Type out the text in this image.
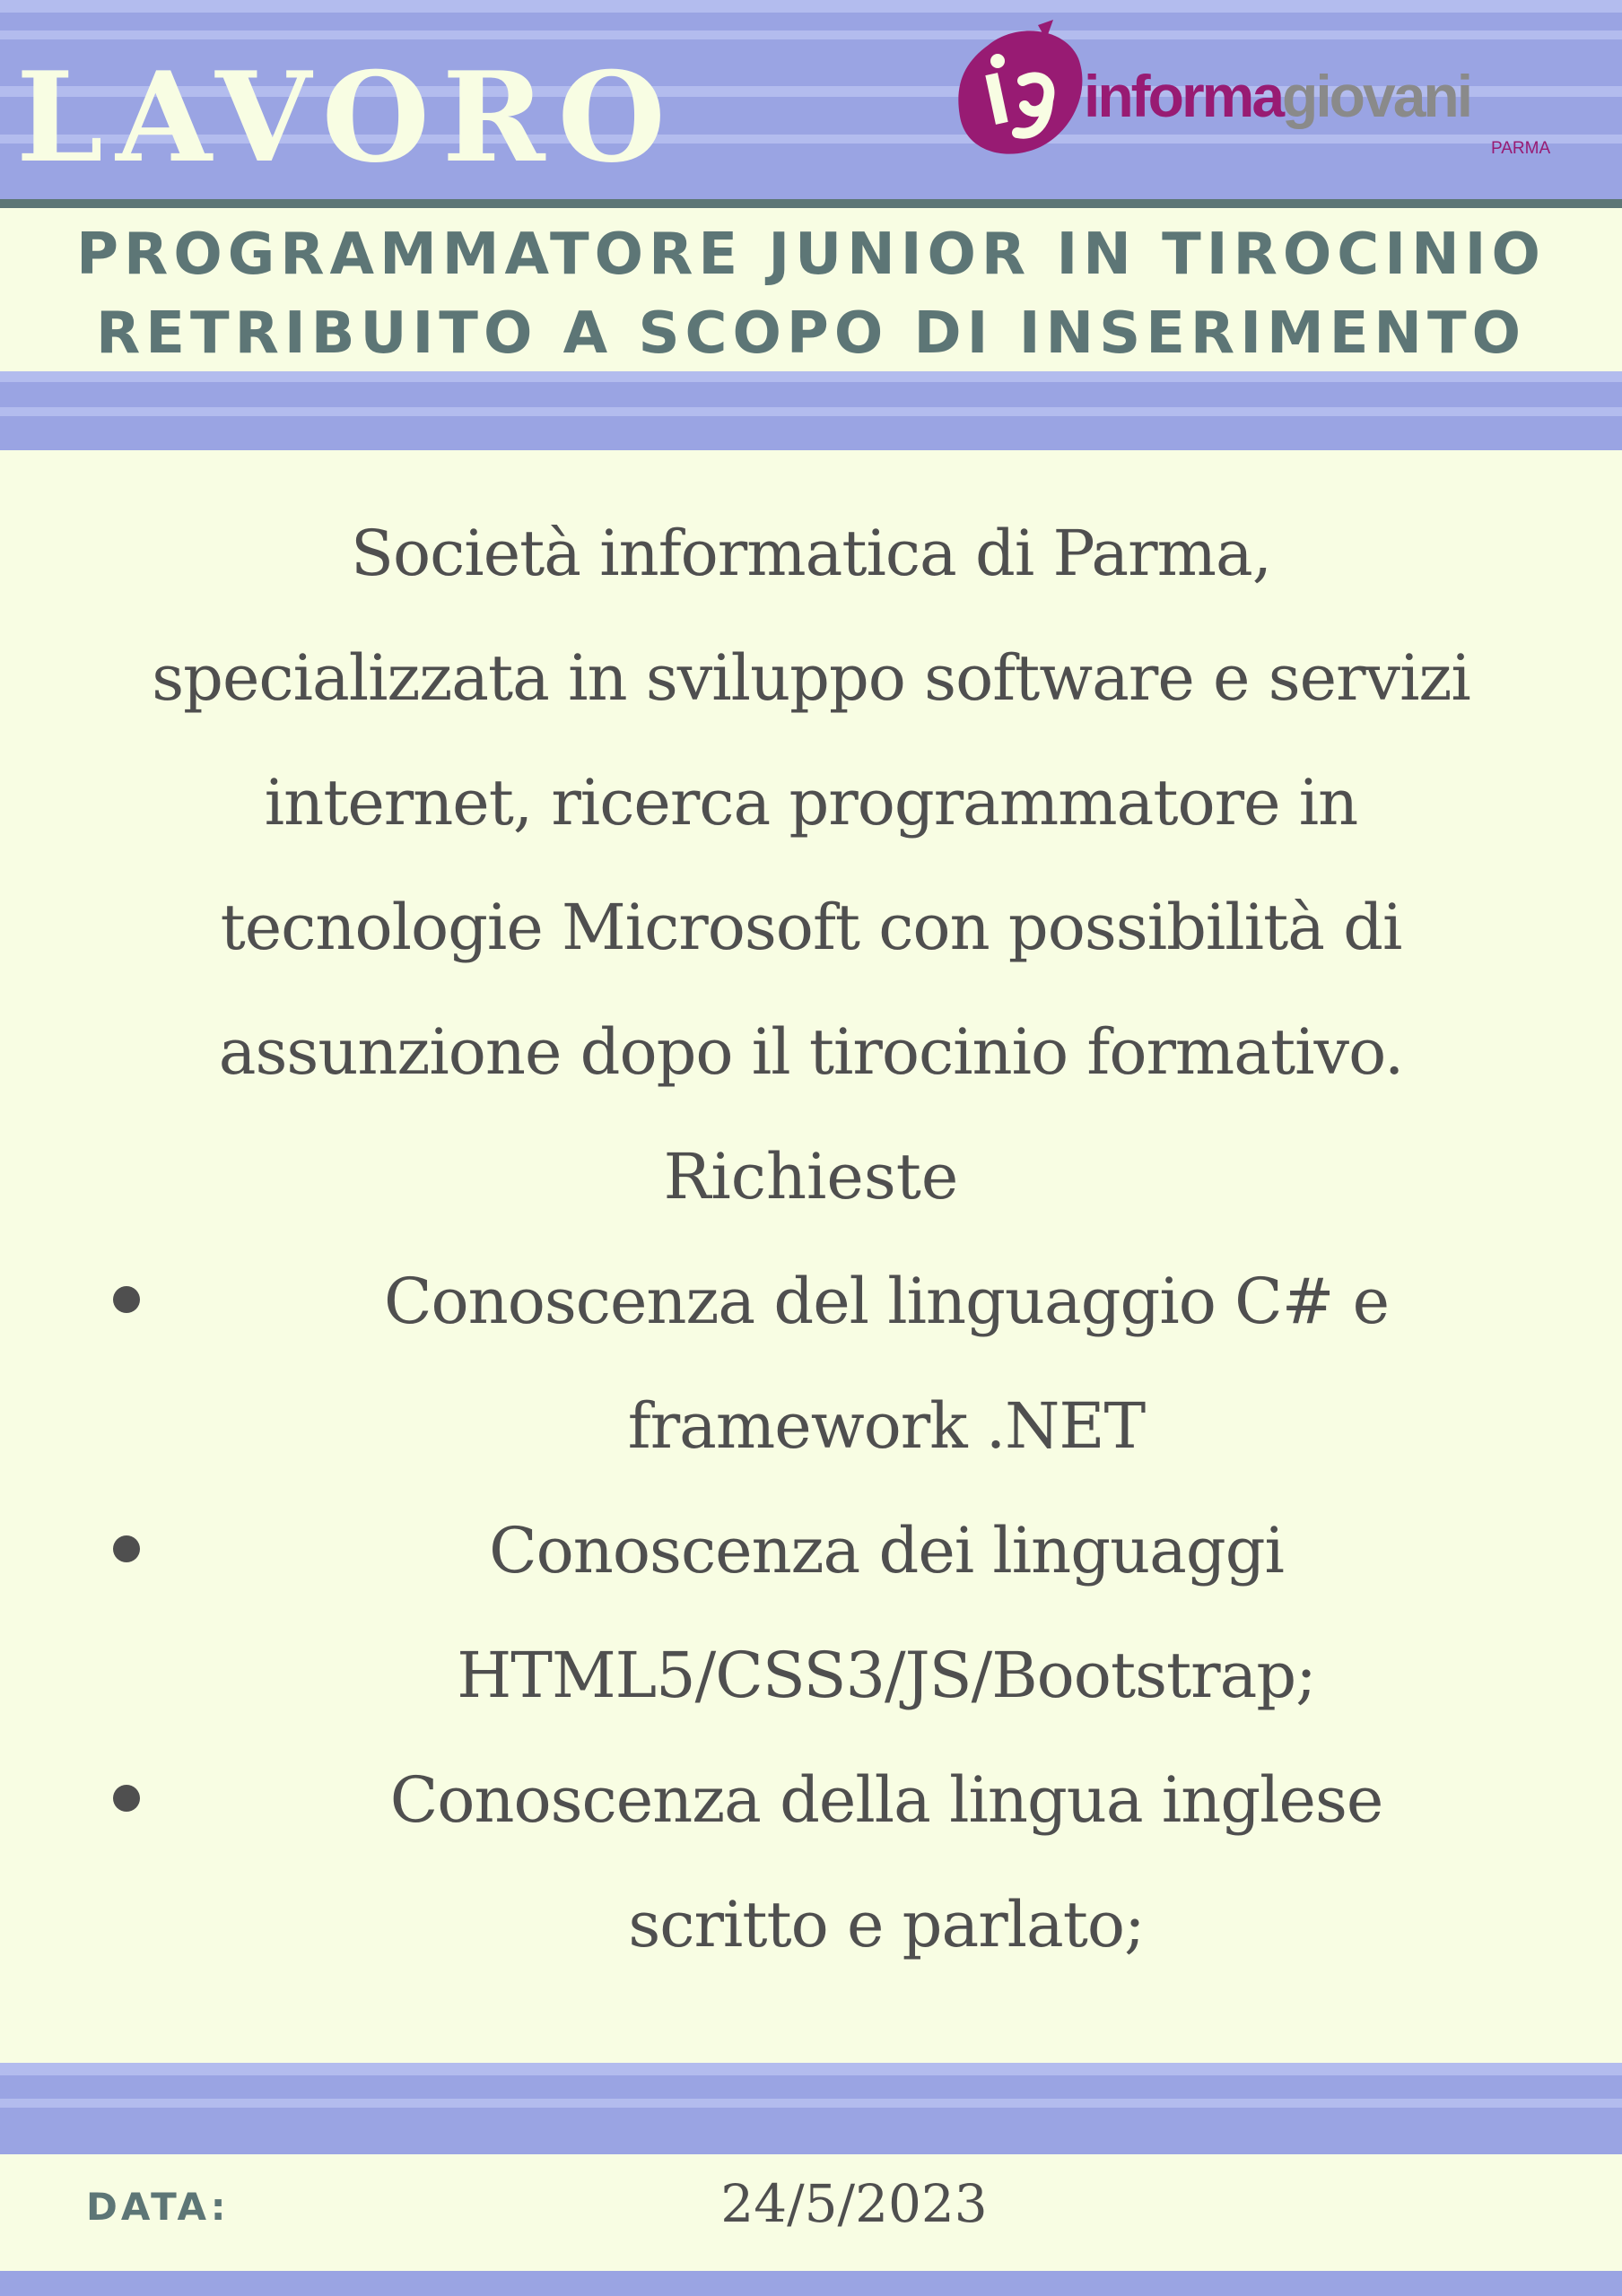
LAVORO	informagiovani
PARMA
PROGRAMMATORE JUNIOR IN TIROCINIO
RETRIBUITO A SCOPO DI INSERIMENTO

Società informatica di Parma,
specializzata in sviluppo software e servizi
internet, ricerca programmatore in
tecnologie Microsoft con possibilità di
assunzione dopo il tirocinio formativo.

Richieste

Conoscenza del linguaggio C# e
framework .NET
Conoscenza dei linguaggi
HTML5/CSS3/JS/Bootstrap;
Conoscenza della lingua inglese
scritto e parlato;

DATA:	24/5/2023
